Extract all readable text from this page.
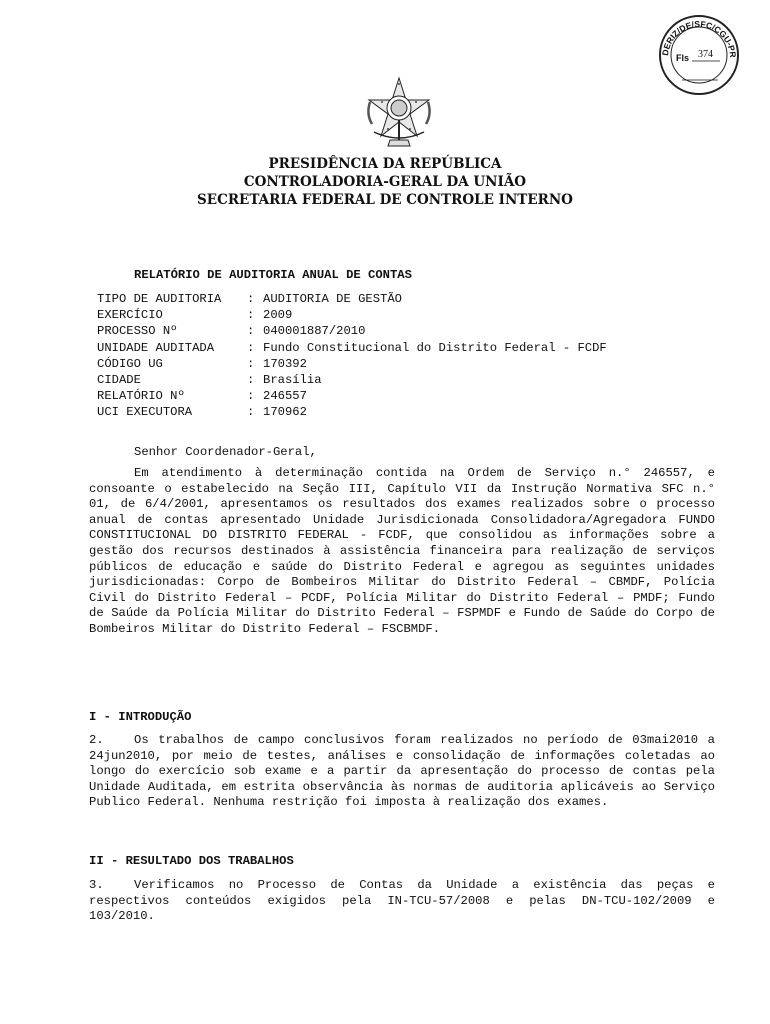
DERIZ/DE/SFC/CGU-PR
Fls 374
PRESIDÊNCIA DA REPÚBLICA
CONTROLADORIA-GERAL DA UNIÃO
SECRETARIA FEDERAL DE CONTROLE INTERNO
RELATÓRIO DE AUDITORIA ANUAL DE CONTAS
TIPO DE AUDITORIA	: AUDITORIA DE GESTÃO
EXERCÍCIO	: 2009
PROCESSO Nº	: 040001887/2010
UNIDADE AUDITADA	: Fundo Constitucional do Distrito Federal - FCDF
CÓDIGO UG	: 170392
CIDADE	: Brasília
RELATÓRIO Nº	: 246557
UCI EXECUTORA	: 170962
Senhor Coordenador-Geral,
Em atendimento à determinação contida na Ordem de Serviço n.° 246557, e consoante o estabelecido na Seção III, Capítulo VII da Instrução Normativa SFC n.° 01, de 6/4/2001, apresentamos os resultados dos exames realizados sobre o processo anual de contas apresentado Unidade Jurisdicionada Consolidadora/Agregadora FUNDO CONSTITUCIONAL DO DISTRITO FEDERAL - FCDF, que consolidou as informações sobre a gestão dos recursos destinados à assistência financeira para realização de serviços públicos de educação e saúde do Distrito Federal e agregou as seguintes unidades jurisdicionadas: Corpo de Bombeiros Militar do Distrito Federal – CBMDF, Polícia Civil do Distrito Federal – PCDF, Polícia Militar do Distrito Federal – PMDF; Fundo de Saúde da Polícia Militar do Distrito Federal – FSPMDF e Fundo de Saúde do Corpo de Bombeiros Militar do Distrito Federal – FSCBMDF.
I - INTRODUÇÃO
2. Os trabalhos de campo conclusivos foram realizados no período de 03mai2010 a 24jun2010, por meio de testes, análises e consolidação de informações coletadas ao longo do exercício sob exame e a partir da apresentação do processo de contas pela Unidade Auditada, em estrita observância às normas de auditoria aplicáveis ao Serviço Publico Federal. Nenhuma restrição foi imposta à realização dos exames.
II - RESULTADO DOS TRABALHOS
3. Verificamos no Processo de Contas da Unidade a existência das peças e respectivos conteúdos exigidos pela IN-TCU-57/2008 e pelas DN-TCU-102/2009 e 103/2010.
